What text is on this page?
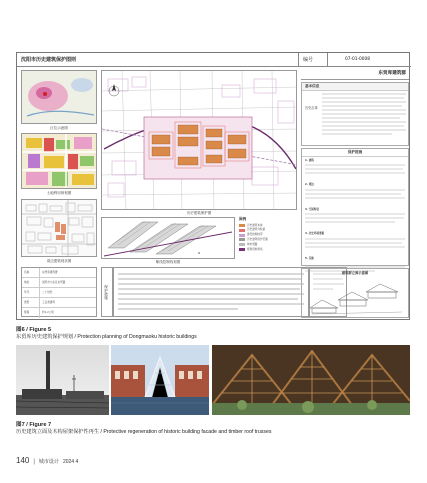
沈阳市历史建筑保护图则	编号	07-01-0008
区位示意图
土地利用规划图
周边建筑现状图
历史建筑保护图
N
紫线控制线划图
图例
历史建筑本体
历史建筑外轮廓
建设控制地带
历史建筑保护范围
城市道路
规划用地界线
名称	东贸库建筑群
地址	沈阳市大东区东贸路
年代	二十世纪
类型	工业类建筑
规模	约1.2公顷
保护措施
东贸库建筑群
基本信息
历史沿革
保护措施
1. 建筑
2. 周边
3. 空间特征
4. 历史环境要素
5. 其他
建筑群立面示意图
图6 / Figure 5
东贸库历史建筑保护规划 / Protection planning of Dongmaoku historic buildings
图7 / Figure 7
历史建筑立面及木构屋架保护性再生 / Protective regeneration of historic building facade and timber roof trusses
140 | 城市设计 2024 4
